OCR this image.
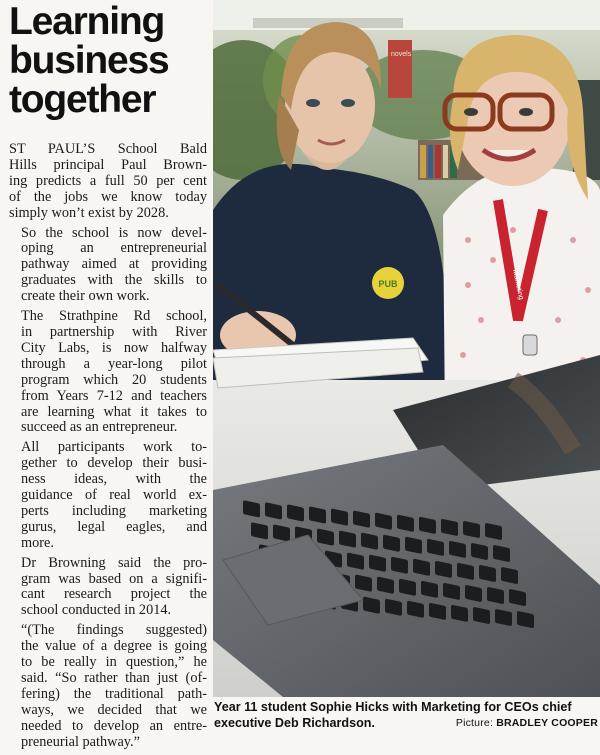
Learning
business
together

ST PAUL’S School Bald
Hills principal Paul Brown-
ing predicts a full 50 per cent
of the jobs we know today
simply won’t exist by 2028.

So the school is now devel-
oping an entrepreneurial
pathway aimed at providing
graduates with the skills to
create their own work.

The Strathpine Rd school,
in partnership with River
City Labs, is now halfway
through a year-long pilot
program which 20 students
from Years 7-12 and teachers
are learning what it takes to
succeed as an entrepreneur.

All participants work to-
gether to develop their busi-
ness ideas, with the
guidance of real world ex-
perts including marketing
gurus, legal eagles, and
more.

Dr Browning said the pro-
gram was based on a signifi-
cant research project the
school conducted in 2014.

“(The findings suggested)
the value of a degree is going
to be really in question,” he
said. “So rather than just (of-
fering) the traditional path-
ways, we decided that we
needed to develop an entre-
preneurial pathway.”

novels
PUB	Marketing
Year 11 student Sophie Hicks with Marketing for CEOs chief
executive Deb Richardson.	Picture: BRADLEY COOPER
